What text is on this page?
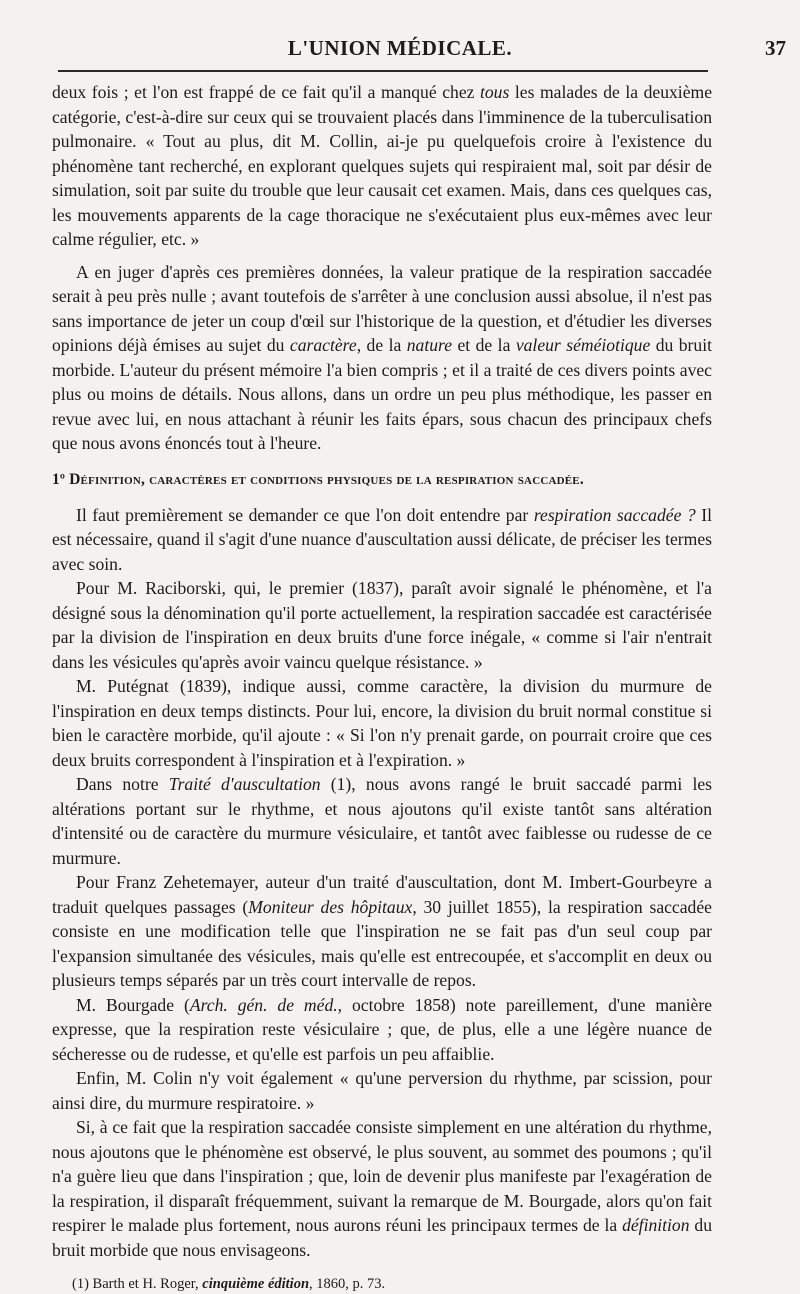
L'UNION MÉDICALE.	37

deux fois ; et l'on est frappé de ce fait qu'il a manqué chez tous les malades de la deuxième catégorie, c'est-à-dire sur ceux qui se trouvaient placés dans l'imminence de la tuberculisation pulmonaire. « Tout au plus, dit M. Collin, ai-je pu quelquefois croire à l'existence du phénomène tant recherché, en explorant quelques sujets qui respiraient mal, soit par désir de simulation, soit par suite du trouble que leur causait cet examen. Mais, dans ces quelques cas, les mouvements apparents de la cage thoracique ne s'exécutaient plus eux-mêmes avec leur calme régulier, etc. »

A en juger d'après ces premières données, la valeur pratique de la respiration saccadée serait à peu près nulle ; avant toutefois de s'arrêter à une conclusion aussi absolue, il n'est pas sans importance de jeter un coup d'œil sur l'historique de la question, et d'étudier les diverses opinions déjà émises au sujet du caractère, de la nature et de la valeur séméiotique du bruit morbide. L'auteur du présent mémoire l'a bien compris ; et il a traité de ces divers points avec plus ou moins de détails. Nous allons, dans un ordre un peu plus méthodique, les passer en revue avec lui, en nous attachant à réunir les faits épars, sous chacun des principaux chefs que nous avons énoncés tout à l'heure.

1º Définition, caractères et conditions physiques de la respiration saccadée.

Il faut premièrement se demander ce que l'on doit entendre par respiration saccadée ? Il est nécessaire, quand il s'agit d'une nuance d'auscultation aussi délicate, de préciser les termes avec soin.

Pour M. Raciborski, qui, le premier (1837), paraît avoir signalé le phénomène, et l'a désigné sous la dénomination qu'il porte actuellement, la respiration saccadée est caractérisée par la division de l'inspiration en deux bruits d'une force inégale, « comme si l'air n'entrait dans les vésicules qu'après avoir vaincu quelque résistance. »

M. Putégnat (1839), indique aussi, comme caractère, la division du murmure de l'inspiration en deux temps distincts. Pour lui, encore, la division du bruit normal constitue si bien le caractère morbide, qu'il ajoute : « Si l'on n'y prenait garde, on pourrait croire que ces deux bruits correspondent à l'inspiration et à l'expiration. »

Dans notre Traité d'auscultation (1), nous avons rangé le bruit saccadé parmi les altérations portant sur le rhythme, et nous ajoutons qu'il existe tantôt sans altération d'intensité ou de caractère du murmure vésiculaire, et tantôt avec faiblesse ou rudesse de ce murmure.

Pour Franz Zehetemayer, auteur d'un traité d'auscultation, dont M. Imbert-Gourbeyre a traduit quelques passages (Moniteur des hôpitaux, 30 juillet 1855), la respiration saccadée consiste en une modification telle que l'inspiration ne se fait pas d'un seul coup par l'expansion simultanée des vésicules, mais qu'elle est entrecoupée, et s'accomplit en deux ou plusieurs temps séparés par un très court intervalle de repos.

M. Bourgade (Arch. gén. de méd., octobre 1858) note pareillement, d'une manière expresse, que la respiration reste vésiculaire ; que, de plus, elle a une légère nuance de sécheresse ou de rudesse, et qu'elle est parfois un peu affaiblie.

Enfin, M. Colin n'y voit également « qu'une perversion du rhythme, par scission, pour ainsi dire, du murmure respiratoire. »

Si, à ce fait que la respiration saccadée consiste simplement en une altération du rhythme, nous ajoutons que le phénomène est observé, le plus souvent, au sommet des poumons ; qu'il n'a guère lieu que dans l'inspiration ; que, loin de devenir plus manifeste par l'exagération de la respiration, il disparaît fréquemment, suivant la remarque de M. Bourgade, alors qu'on fait respirer le malade plus fortement, nous aurons réuni les principaux termes de la définition du bruit morbide que nous envisageons.

(1) Barth et H. Roger, cinquième édition, 1860, p. 73.
